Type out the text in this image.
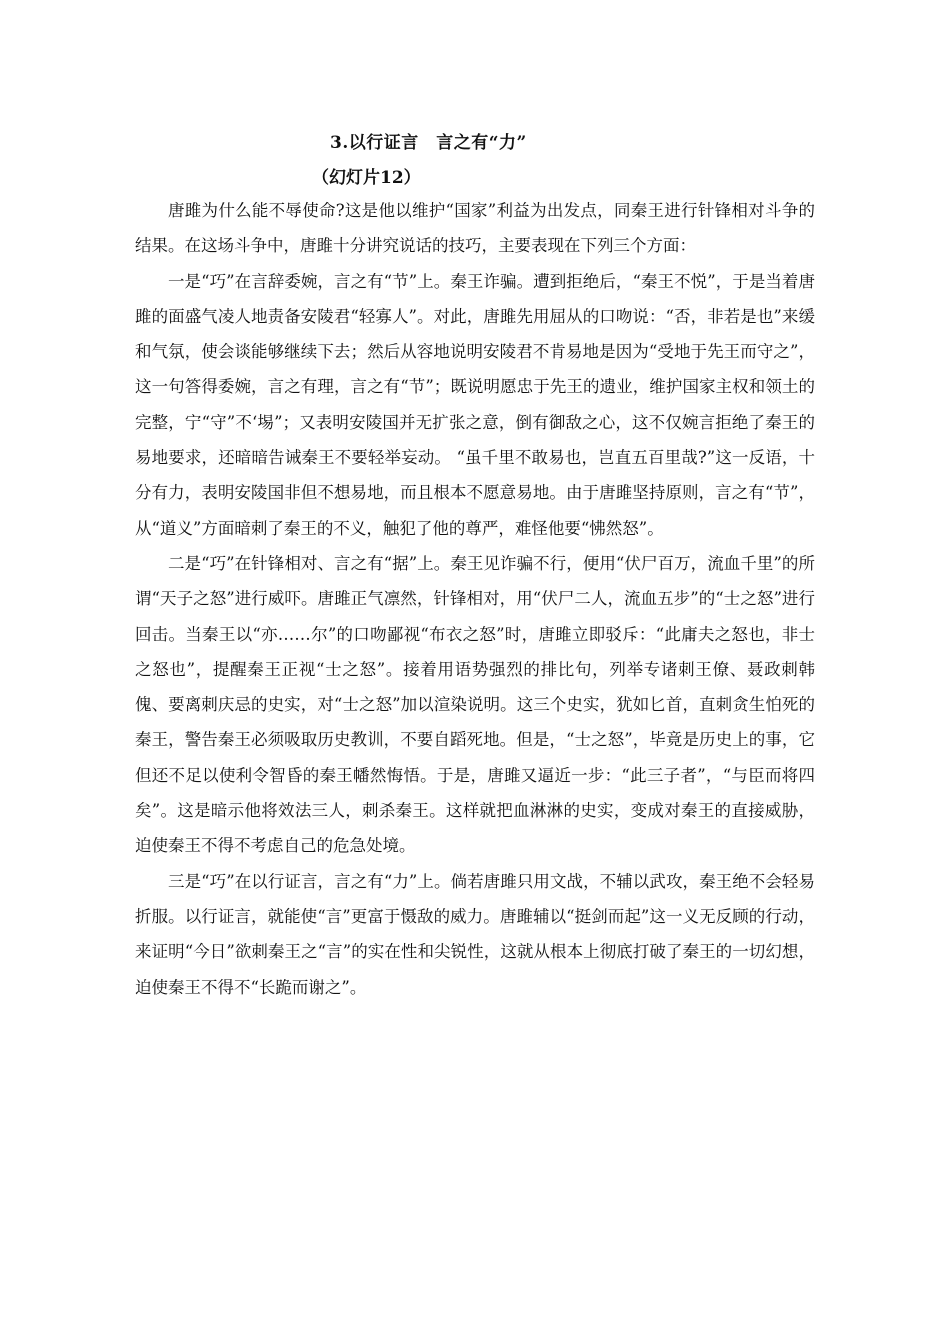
3.以行证言　言之有“力”
（幻灯片12）

唐雎为什么能不辱使命?这是他以维护“国家”利益为出发点，同秦王进行针锋相对斗争的结果。在这场斗争中，唐雎十分讲究说话的技巧，主要表现在下列三个方面：

一是“巧”在言辞委婉，言之有“节”上。秦王诈骗。遭到拒绝后，“秦王不悦”，于是当着唐雎的面盛气凌人地责备安陵君“轻寡人”。对此，唐雎先用屈从的口吻说：“否，非若是也”来缓和气氛，使会谈能够继续下去；然后从容地说明安陵君不肯易地是因为“受地于先王而守之”，这一句答得委婉，言之有理，言之有“节”；既说明愿忠于先王的遗业，维护国家主权和领土的完整，宁“守”不‘埸”；又表明安陵国并无扩张之意，倒有御敌之心，这不仅婉言拒绝了秦王的易地要求，还暗暗告诫秦王不要轻举妄动。 “虽千里不敢易也，岂直五百里哉?”这一反语，十分有力，表明安陵国非但不想易地，而且根本不愿意易地。由于唐雎坚持原则，言之有“节”，从“道义”方面暗刺了秦王的不义，触犯了他的尊严，难怪他要“怫然怒”。

二是“巧”在针锋相对、言之有“据”上。秦王见诈骗不行，便用“伏尸百万，流血千里”的所谓“天子之怒”进行威吓。唐雎正气凛然，针锋相对，用“伏尸二人，流血五步”的“士之怒”进行回击。当秦王以“亦……尔”的口吻鄙视“布衣之怒”时，唐雎立即驳斥：“此庸夫之怒也，非士之怒也”，提醒秦王正视“士之怒”。接着用语势强烈的排比句，列举专诸刺王僚、聂政刺韩傀、要离刺庆忌的史实，对“士之怒”加以渲染说明。这三个史实，犹如匕首，直刺贪生怕死的秦王，警告秦王必须吸取历史教训，不要自蹈死地。但是，“士之怒”，毕竟是历史上的事，它但还不足以使利令智昏的秦王幡然悔悟。于是，唐雎又逼近一步：“此三子者”，“与臣而将四矣”。这是暗示他将效法三人，刺杀秦王。这样就把血淋淋的史实，变成对秦王的直接威胁，迫使秦王不得不考虑自己的危急处境。

三是“巧”在以行证言，言之有“力”上。倘若唐雎只用文战，不辅以武攻，秦王绝不会轻易折服。以行证言，就能使“言”更富于慑敌的威力。唐雎辅以“挺剑而起”这一义无反顾的行动，来证明“今日”欲刺秦王之“言”的实在性和尖锐性，这就从根本上彻底打破了秦王的一切幻想，迫使秦王不得不“长跪而谢之”。
